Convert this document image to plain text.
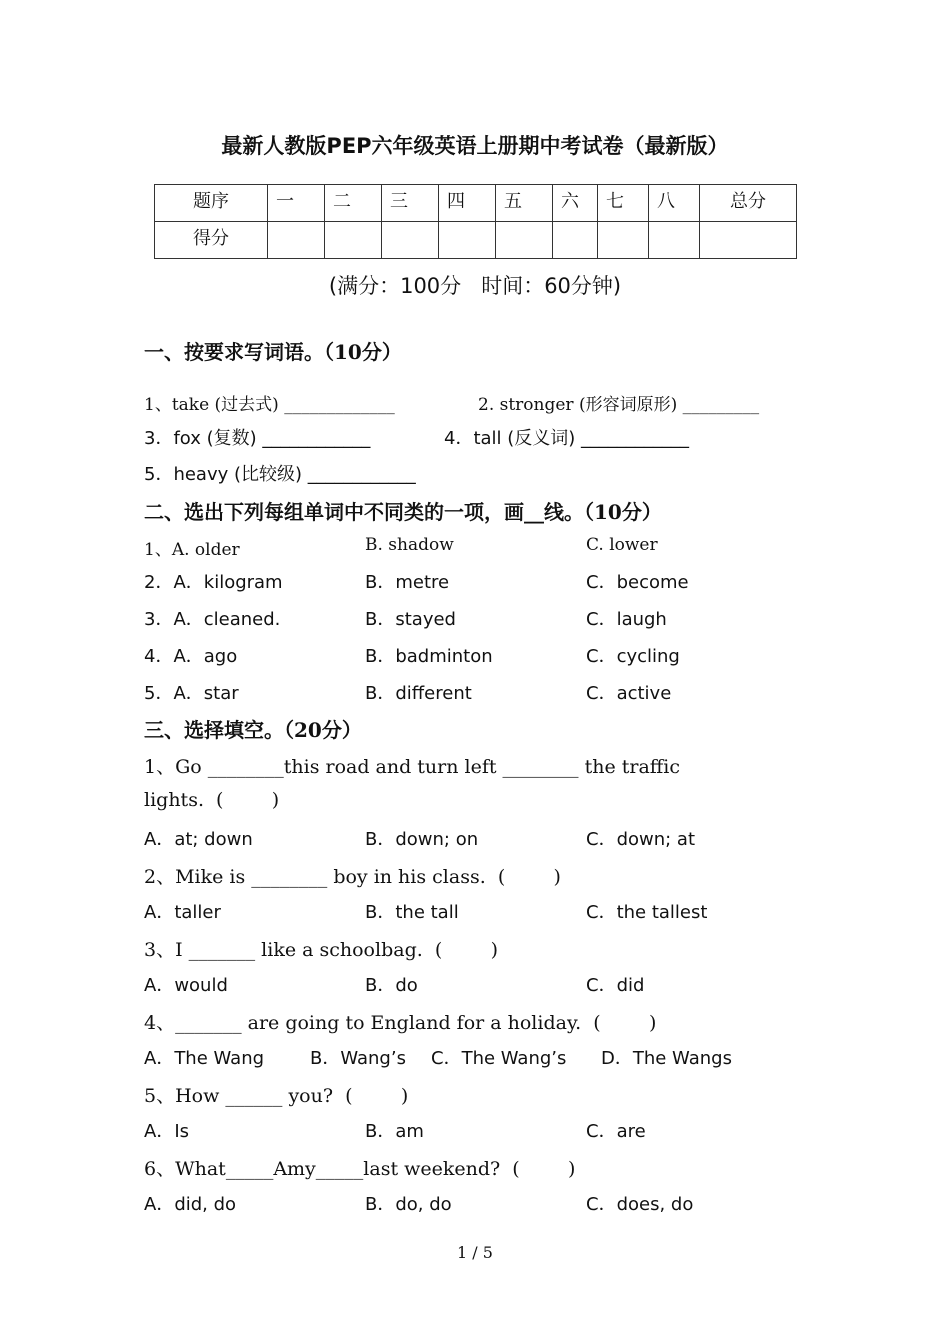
最新人教版PEP六年级英语上册期中考试卷（最新版）
题序	一	二	三	四	五	六	七	八	总分

得分									

(满分：100分   时间：60分钟)
一、按要求写词语。（10分）
1、take (过去式) _____________	2. stronger (形容词原形) _________
3．fox (复数) ____________	4．tall (反义词) ____________
5．heavy (比较级) ____________
二、选出下列每组单词中不同类的一项，画__线。（10分）
1、A. older	B. shadow	C. lower
2．A．kilogram	B．metre	C．become
3．A．cleaned.	B．stayed	C．laugh
4．A．ago	B．badminton	C．cycling
5．A．star	B．different	C．active
三、选择填空。（20分）
1、Go ________this road and turn left ________ the traffic
lights.  (        )
A．at; down	B．down; on	C．down; at
2、Mike is ________ boy in his class.  (        )
A．taller	B．the tall	C．the tallest
3、I _______ like a schoolbag.  (        )
A．would	B．do	C．did
4、_______ are going to England for a holiday.  (        )
A．The Wang	B．Wang’s C．The Wang’s D．The Wangs
5、How ______ you?  (        )
A．Is	B．am	C．are
6、What_____Amy_____last weekend?  (        )
A．did, do	B．do, do	C．does, do
1 / 5
